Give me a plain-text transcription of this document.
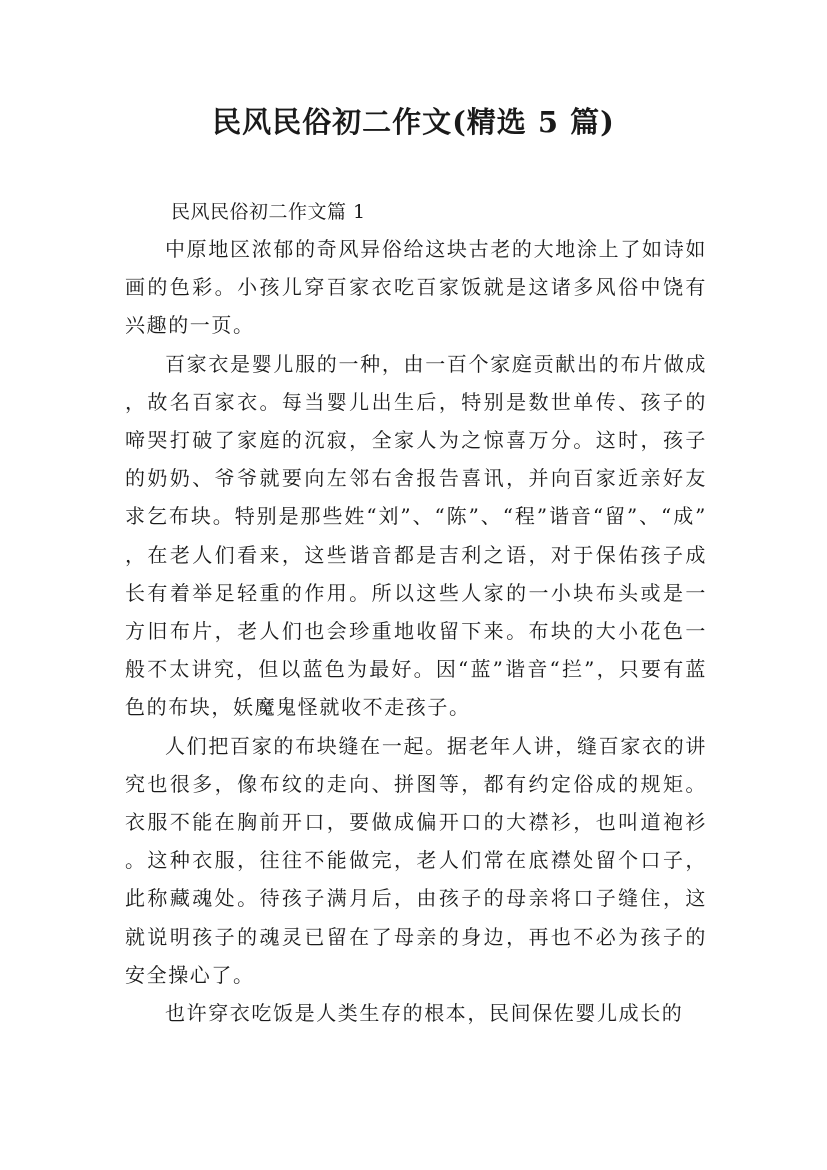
民风民俗初二作文(精选 5 篇)

民风民俗初二作文篇 1

中原地区浓郁的奇风异俗给这块古老的大地涂上了如诗如画的色彩。小孩儿穿百家衣吃百家饭就是这诸多风俗中饶有兴趣的一页。

百家衣是婴儿服的一种，由一百个家庭贡献出的布片做成，故名百家衣。每当婴儿出生后，特别是数世单传、孩子的啼哭打破了家庭的沉寂，全家人为之惊喜万分。这时，孩子的奶奶、爷爷就要向左邻右舍报告喜讯，并向百家近亲好友求乞布块。特别是那些姓“刘”、“陈”、“程”谐音“留”、“成”，在老人们看来，这些谐音都是吉利之语，对于保佑孩子成长有着举足轻重的作用。所以这些人家的一小块布头或是一方旧布片，老人们也会珍重地收留下来。布块的大小花色一般不太讲究，但以蓝色为最好。因“蓝”谐音“拦”，只要有蓝色的布块，妖魔鬼怪就收不走孩子。

人们把百家的布块缝在一起。据老年人讲，缝百家衣的讲究也很多，像布纹的走向、拼图等，都有约定俗成的规矩。衣服不能在胸前开口，要做成偏开口的大襟衫，也叫道袍衫。这种衣服，往往不能做完，老人们常在底襟处留个口子，此称藏魂处。待孩子满月后，由孩子的母亲将口子缝住，这就说明孩子的魂灵已留在了母亲的身边，再也不必为孩子的安全操心了。

也许穿衣吃饭是人类生存的根本，民间保佐婴儿成长的
